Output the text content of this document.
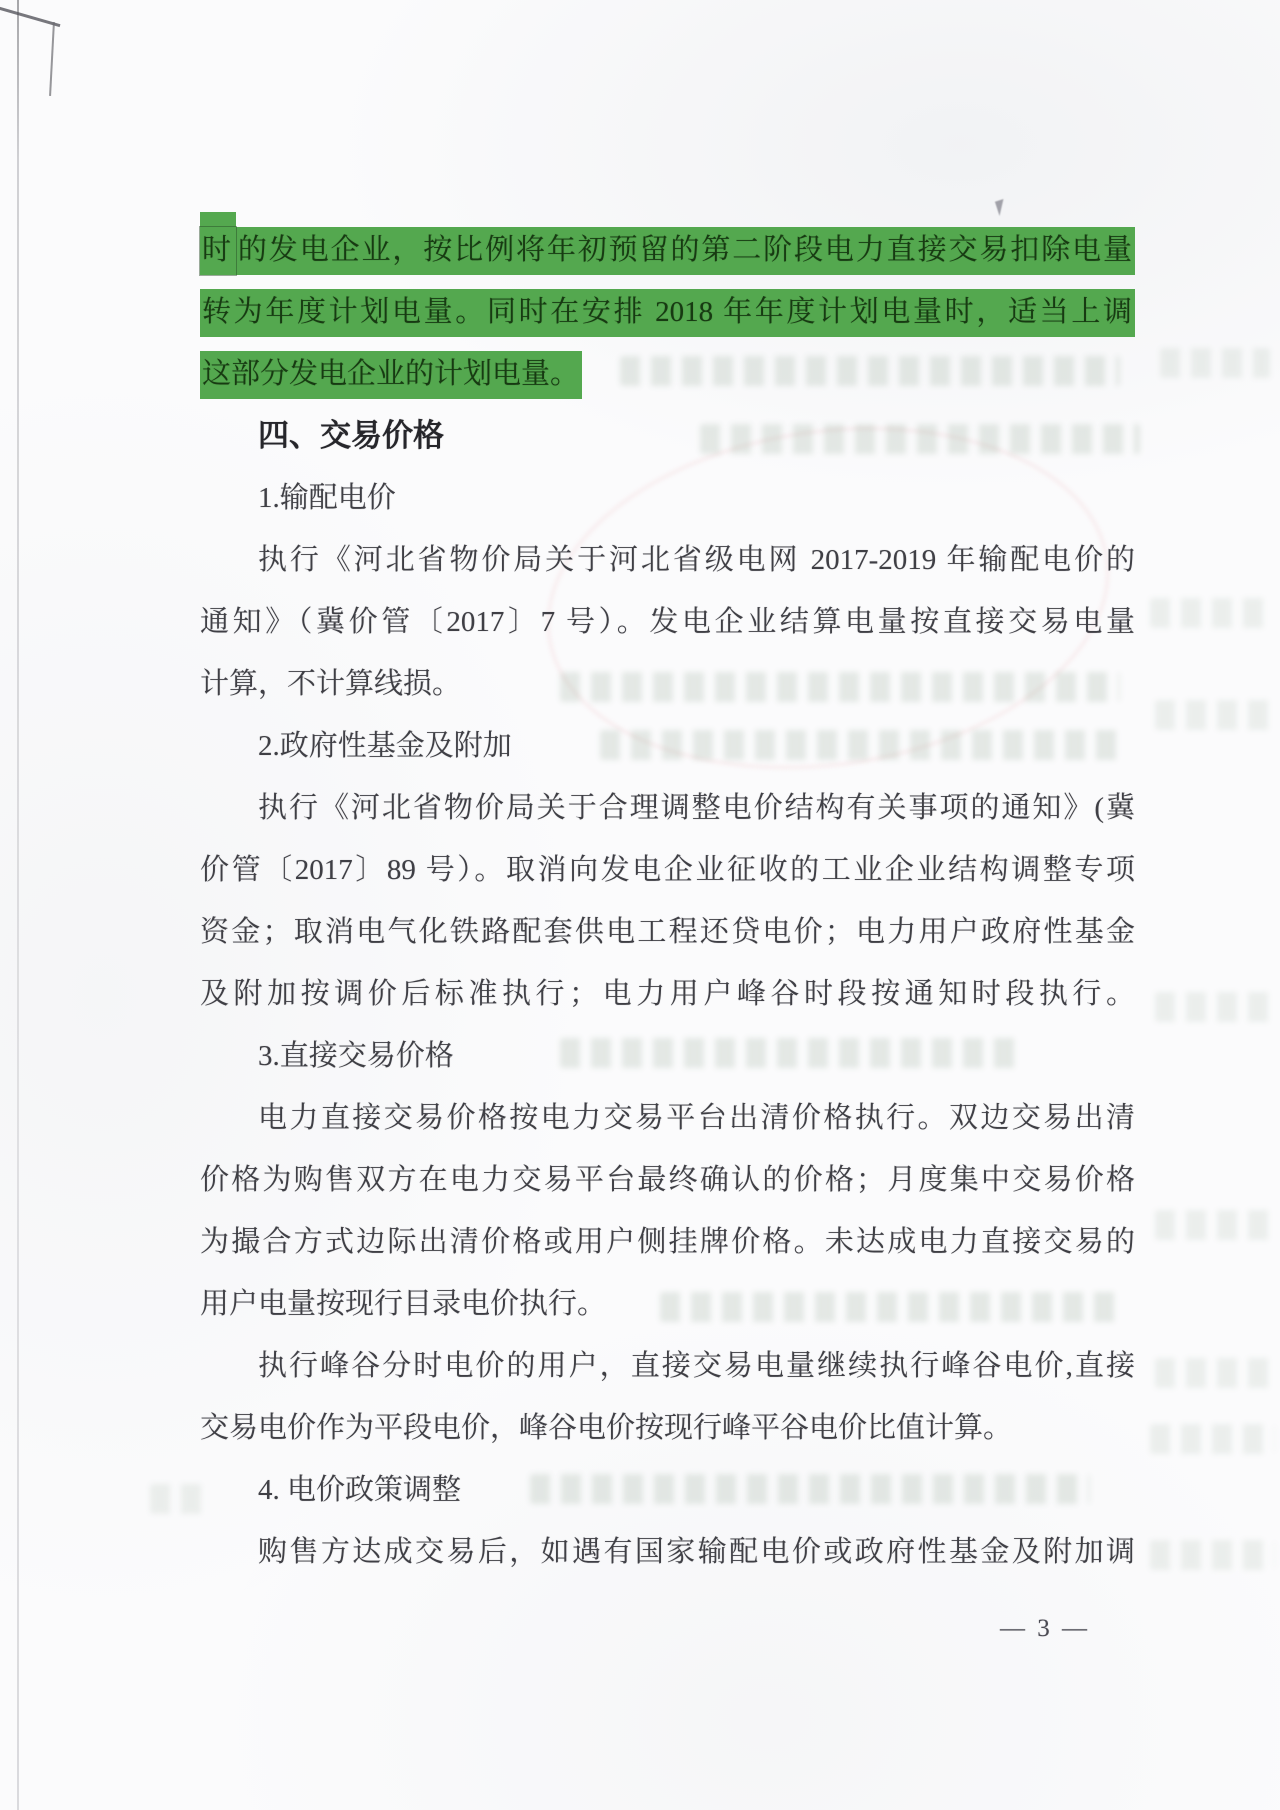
时 的发电企业，按比例将年初预留的第二阶段电力直接交易扣除电量
转为年度计划电量。同时在安排 2018 年年度计划电量时，适当上调
这部分发电企业的计划电量。
四、交易价格
1.输配电价
执行《河北省物价局关于河北省级电网 2017-2019 年输配电价的
通知》（冀价管〔2017〕7 号）。发电企业结算电量按直接交易电量
计算，不计算线损。
2.政府性基金及附加
执行《河北省物价局关于合理调整电价结构有关事项的通知》(冀
价管〔2017〕89 号）。取消向发电企业征收的工业企业结构调整专项
资金；取消电气化铁路配套供电工程还贷电价；电力用户政府性基金
及附加按调价后标准执行；电力用户峰谷时段按通知时段执行。
3.直接交易价格
电力直接交易价格按电力交易平台出清价格执行。双边交易出清
价格为购售双方在电力交易平台最终确认的价格；月度集中交易价格
为撮合方式边际出清价格或用户侧挂牌价格。未达成电力直接交易的
用户电量按现行目录电价执行。
执行峰谷分时电价的用户，直接交易电量继续执行峰谷电价,直接
交易电价作为平段电价，峰谷电价按现行峰平谷电价比值计算。
4. 电价政策调整
购售方达成交易后，如遇有国家输配电价或政府性基金及附加调
— 3 —
